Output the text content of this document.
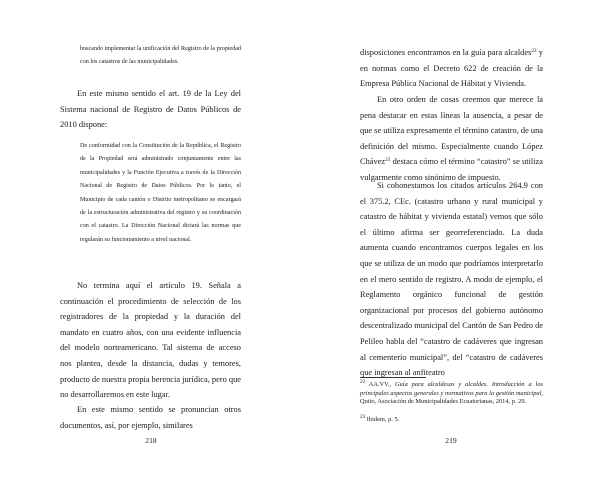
buscando implementar la unificación del Registro de la propiedad con los catastros de las municipalidades.

En este mismo sentido el art. 19 de la Ley del Sistema nacional de Registro de Datos Públicos de 2010 dispone:

De conformidad con la Constitución de la República, el Registro de la Propiedad será administrado conjuntamente entre las municipalidades y la Función Ejecutiva a través de la Dirección Nacional de Registro de Datos Públicos. Por lo tanto, el Municipio de cada cantón o Distrito metropolitano se encargará de la estructuración administrativa del registro y su coordinación con el catastro. La Dirección Nacional dictará las normas que regularán su funcionamiento a nivel nacional.

No termina aquí el artículo 19. Señala a continuación el procedimiento de selección de los registradores de la propiedad y la duración del mandato en cuatro años, con una evidente influencia del modelo norteamericano. Tal sistema de acceso nos plantea, desde la distancia, dudas y temores, producto de nuestra propia herencia jurídica, pero que no desarrollaremos en este lugar.

En este mismo sentido se pronuncian otros documentos, así, por ejemplo, similares

218

disposiciones encontramos en la guía para alcaldes$^{22}$ y en normas como el Decreto 622 de creación de la Empresa Pública Nacional de Hábitat y Vivienda.

En otro orden de cosas creemos que merece la pena destacar en estas líneas la ausencia, a pesar de que se utiliza expresamente el término catastro, de una definición del mismo. Especialmente cuando López Chávez$^{23}$ destaca cómo el término “catastro” se utiliza vulgarmente como sinónimo de impuesto.

Si cohonestamos los citados artículos 264.9 con el 375.2, CEc. (catastro urbano y rural municipal y catastro de hábitat y vivienda estatal) vemos que sólo el último afirma ser georreferenciado. La duda aumenta cuando encontramos cuerpos legales en los que se utiliza de un modo que podríamos interpretarlo en el mero sentido de registro. A modo de ejemplo, el Reglamento orgánico funcional de gestión organizacional por procesos del gobierno autónomo descentralizado municipal del Cantón de San Pedro de Pelileo habla del “catastro de cadáveres que ingresan al cementerio municipal”, del “catastro de cadáveres que ingresan al anfiteatro

$^{22}$ AA.VV., Guía para alcaldesas y alcaldes. Introducción a los principales aspectos generales y normativos para la gestión municipal, Quito, Asociación de Municipalidades Ecuatorianas, 2014, p. 29.

$^{23}$ Ibidem, p. 5.

219
